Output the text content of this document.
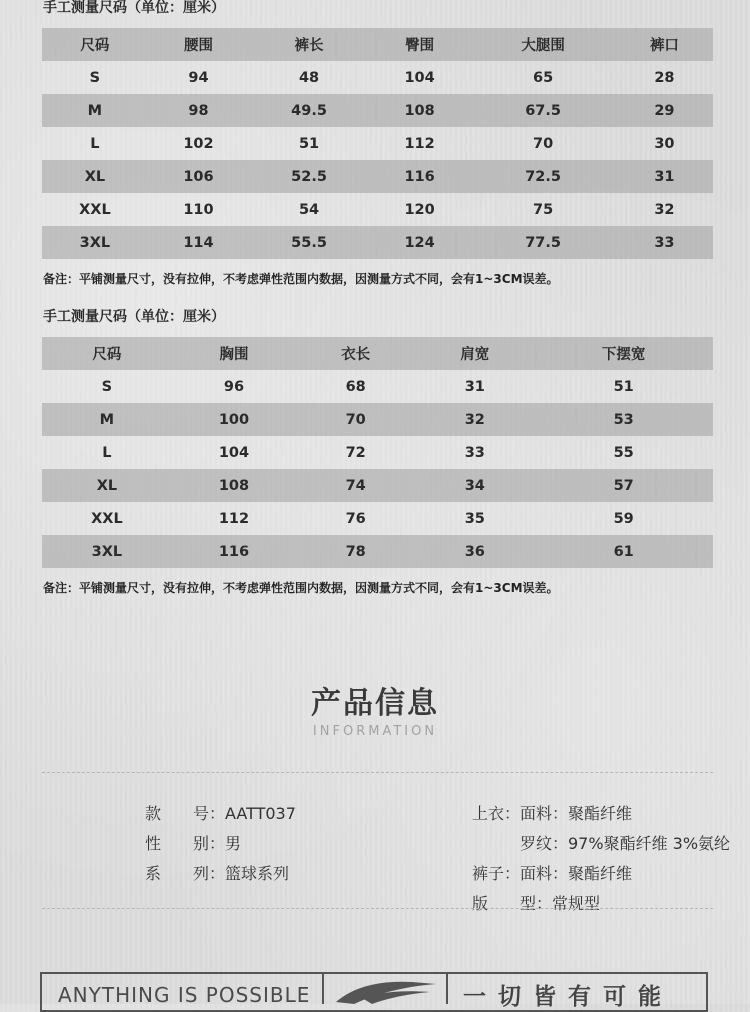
手工测量尺码（单位：厘米）
尺码	腰围	裤长	臀围	大腿围	裤口
S	94	48	104	65	28
M	98	49.5	108	67.5	29
L	102	51	112	70	30
XL	106	52.5	116	72.5	31
XXL	110	54	120	75	32
3XL	114	55.5	124	77.5	33
备注：平铺测量尺寸，没有拉伸，不考虑弹性范围内数据，因测量方式不同，会有1~3CM误差。
手工测量尺码（单位：厘米）
尺码	胸围	衣长	肩宽	下摆宽
S	96	68	31	51
M	100	70	32	53
L	104	72	33	55
XL	108	74	34	57
XXL	112	76	35	59
3XL	116	78	36	61
备注：平铺测量尺寸，没有拉伸，不考虑弹性范围内数据，因测量方式不同，会有1~3CM误差。
产品信息
INFORMATION
款　　号：AATT037
性　　别：男
系　　列：篮球系列
上衣：面料：聚酯纤维
罗纹：97%聚酯纤维 3%氨纶
裤子：面料：聚酯纤维
版　　型：常规型
ANYTHING IS POSSIBLE	一切皆有可能
